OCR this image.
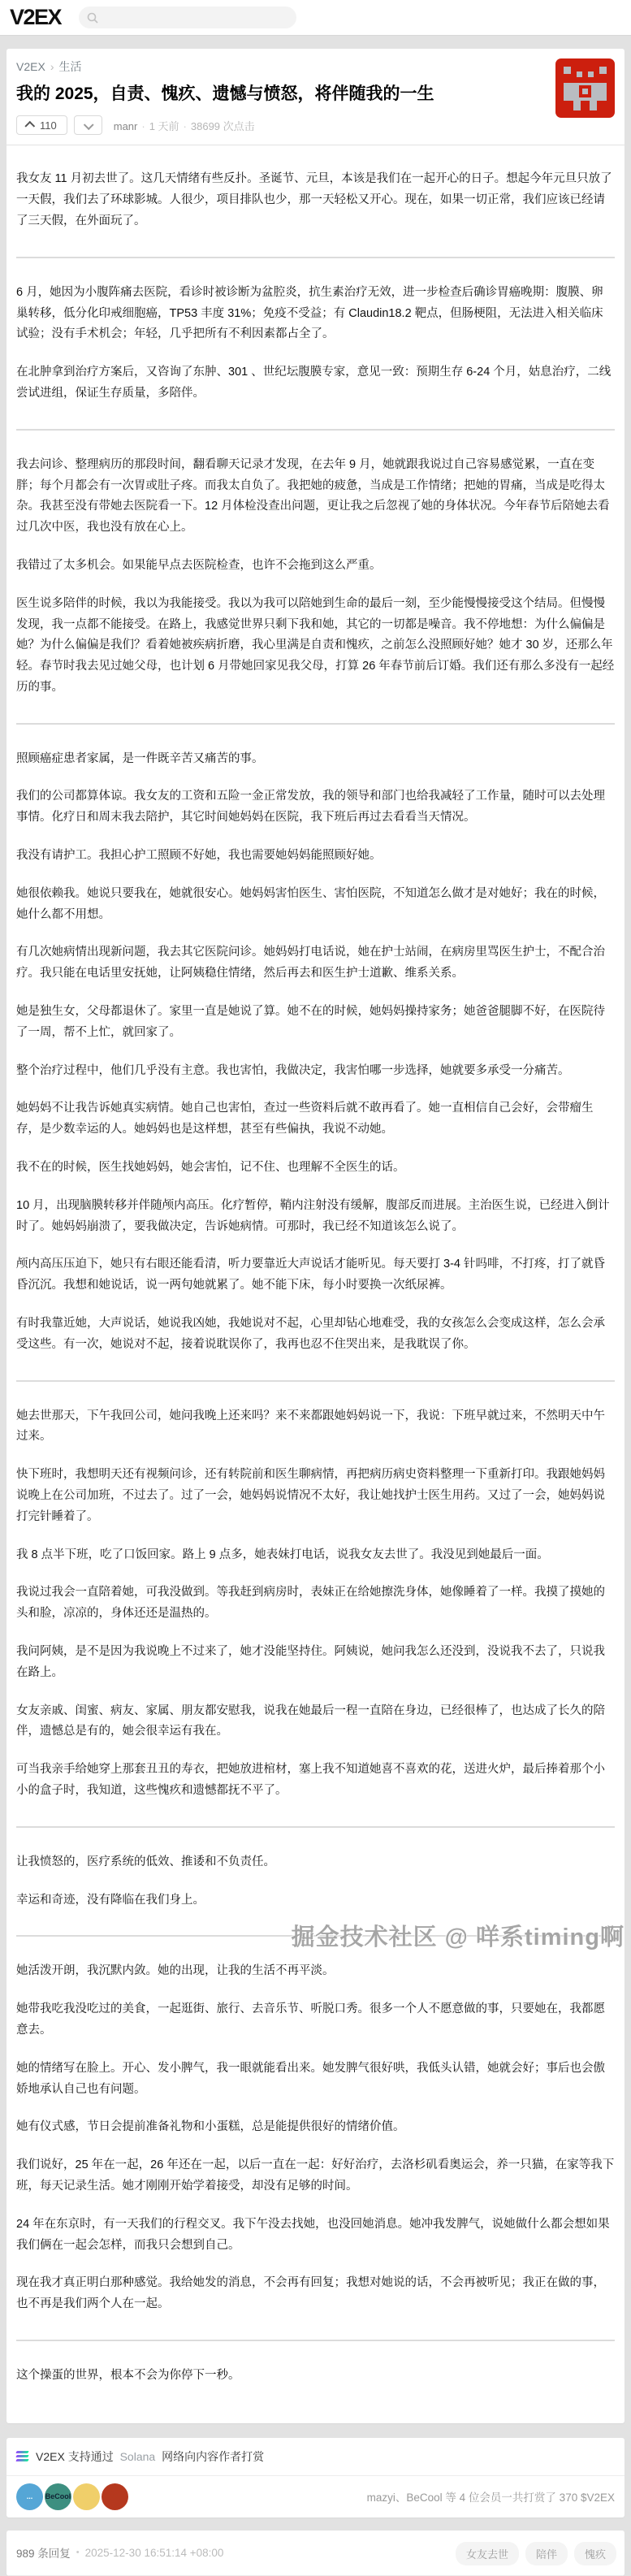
V2EX
V2EX › 生活
我的 2025，自责、愧疚、遗憾与愤怒，将伴随我的一生
110	manr · 1 天前 · 38699 次点击

我女友 11 月初去世了。这几天情绪有些反扑。圣诞节、元旦，本该是我们在一起开心的日子。想起今年元旦只放了一天假，我们去了环球影城。人很少，项目排队也少，那一天轻松又开心。现在，如果一切正常，我们应该已经请了三天假，在外面玩了。

6 月，她因为小腹阵痛去医院，看诊时被诊断为盆腔炎，抗生素治疗无效，进一步检查后确诊胃癌晚期：腹膜、卵巢转移，低分化印戒细胞癌，TP53 丰度 31%；免疫不受益；有 Claudin18.2 靶点，但肠梗阻，无法进入相关临床试验；没有手术机会；年轻，几乎把所有不利因素都占全了。

在北肿拿到治疗方案后，又咨询了东肿、301 、世纪坛腹膜专家，意见一致：预期生存 6-24 个月，姑息治疗，二线尝试进组，保证生存质量，多陪伴。

我去问诊、整理病历的那段时间，翻看聊天记录才发现，在去年 9 月，她就跟我说过自己容易感觉累，一直在变胖；每个月都会有一次胃或肚子疼。而我太自负了。我把她的疲惫，当成是工作情绪；把她的胃痛，当成是吃得太杂。我甚至没有带她去医院看一下。12 月体检没查出问题，更让我之后忽视了她的身体状况。今年春节后陪她去看过几次中医，我也没有放在心上。

我错过了太多机会。如果能早点去医院检查，也许不会拖到这么严重。

医生说多陪伴的时候，我以为我能接受。我以为我可以陪她到生命的最后一刻，至少能慢慢接受这个结局。但慢慢发现，我一点都不能接受。在路上，我感觉世界只剩下我和她，其它的一切都是噪音。我不停地想：为什么偏偏是她？为什么偏偏是我们？看着她被疾病折磨，我心里满是自责和愧疚，之前怎么没照顾好她？她才 30 岁，还那么年轻。春节时我去见过她父母，也计划 6 月带她回家见我父母，打算 26 年春节前后订婚。我们还有那么多没有一起经历的事。

照顾癌症患者家属，是一件既辛苦又痛苦的事。

我们的公司都算体谅。我女友的工资和五险一金正常发放，我的领导和部门也给我减轻了工作量，随时可以去处理事情。化疗日和周末我去陪护，其它时间她妈妈在医院，我下班后再过去看看当天情况。

我没有请护工。我担心护工照顾不好她，我也需要她妈妈能照顾好她。

她很依赖我。她说只要我在，她就很安心。她妈妈害怕医生、害怕医院，不知道怎么做才是对她好；我在的时候，她什么都不用想。

有几次她病情出现新问题，我去其它医院问诊。她妈妈打电话说，她在护士站闹，在病房里骂医生护士，不配合治疗。我只能在电话里安抚她，让阿姨稳住情绪，然后再去和医生护士道歉、维系关系。

她是独生女，父母都退休了。家里一直是她说了算。她不在的时候，她妈妈操持家务；她爸爸腿脚不好，在医院待了一周，帮不上忙，就回家了。

整个治疗过程中，他们几乎没有主意。我也害怕，我做决定，我害怕哪一步选择，她就要多承受一分痛苦。

她妈妈不让我告诉她真实病情。她自己也害怕，查过一些资料后就不敢再看了。她一直相信自己会好，会带瘤生存，是少数幸运的人。她妈妈也是这样想，甚至有些偏执，我说不动她。

我不在的时候，医生找她妈妈，她会害怕，记不住、也理解不全医生的话。

10 月，出现脑膜转移并伴随颅内高压。化疗暂停，鞘内注射没有缓解，腹部反而进展。主治医生说，已经进入倒计时了。她妈妈崩溃了，要我做决定，告诉她病情。可那时，我已经不知道该怎么说了。

颅内高压压迫下，她只有右眼还能看清，听力要靠近大声说话才能听见。每天要打 3-4 针吗啡，不打疼，打了就昏昏沉沉。我想和她说话，说一两句她就累了。她不能下床，每小时要换一次纸尿裤。

有时我靠近她，大声说话，她说我凶她，我她说对不起，心里却钻心地难受，我的女孩怎么会变成这样，怎么会承受这些。有一次，她说对不起，接着说耽误你了，我再也忍不住哭出来，是我耽误了你。

她去世那天，下午我回公司，她问我晚上还来吗？来不来都跟她妈妈说一下，我说：下班早就过来，不然明天中午过来。

快下班时，我想明天还有视频问诊，还有转院前和医生聊病情，再把病历病史资料整理一下重新打印。我跟她妈妈说晚上在公司加班，不过去了。过了一会，她妈妈说情况不太好，我让她找护士医生用药。又过了一会，她妈妈说打完针睡着了。

我 8 点半下班，吃了口饭回家。路上 9 点多，她表妹打电话，说我女友去世了。我没见到她最后一面。

我说过我会一直陪着她，可我没做到。等我赶到病房时，表妹正在给她擦洗身体，她像睡着了一样。我摸了摸她的头和脸，凉凉的，身体还还是温热的。

我问阿姨，是不是因为我说晚上不过来了，她才没能坚持住。阿姨说，她问我怎么还没到，没说我不去了，只说我在路上。

女友亲戚、闺蜜、病友、家属、朋友都安慰我，说我在她最后一程一直陪在身边，已经很棒了，也达成了长久的陪伴，遗憾总是有的，她会很幸运有我在。

可当我亲手给她穿上那套丑丑的寿衣，把她放进棺材，塞上我不知道她喜不喜欢的花，送进火炉，最后捧着那个小小的盒子时，我知道，这些愧疚和遗憾都抚不平了。

让我愤怒的，医疗系统的低效、推诿和不负责任。

幸运和奇迹，没有降临在我们身上。

她活泼开朗，我沉默内敛。她的出现，让我的生活不再平淡。

她带我吃我没吃过的美食，一起逛街、旅行、去音乐节、听脱口秀。很多一个人不愿意做的事，只要她在，我都愿意去。

她的情绪写在脸上。开心、发小脾气，我一眼就能看出来。她发脾气很好哄，我低头认错，她就会好；事后也会傲娇地承认自己也有问题。

她有仪式感，节日会提前准备礼物和小蛋糕，总是能提供很好的情绪价值。

我们说好，25 年在一起，26 年还在一起，以后一直在一起：好好治疗，去洛杉矶看奥运会，养一只猫，在家等我下班，每天记录生活。她才刚刚开始学着接受，却没有足够的时间。

24 年在东京时，有一天我们的行程交叉。我下午没去找她，也没回她消息。她冲我发脾气，说她做什么都会想如果我们俩在一起会怎样，而我只会想到自己。

现在我才真正明白那种感觉。我给她发的消息，不会再有回复；我想对她说的话，不会再被听见；我正在做的事，也不再是我们两个人在一起。

这个操蛋的世界，根本不会为你停下一秒。

V2EX 支持通过 Solana 网络向内容作者打赏
...	BeCool	mazyi、BeCool 等 4 位会员一共打赏了 370 $V2EX
989 条回复 • 2025-12-30 16:51:14 +08:00	女友去世	陪伴	愧疚
掘金技术社区 @ 咩系timing啊
